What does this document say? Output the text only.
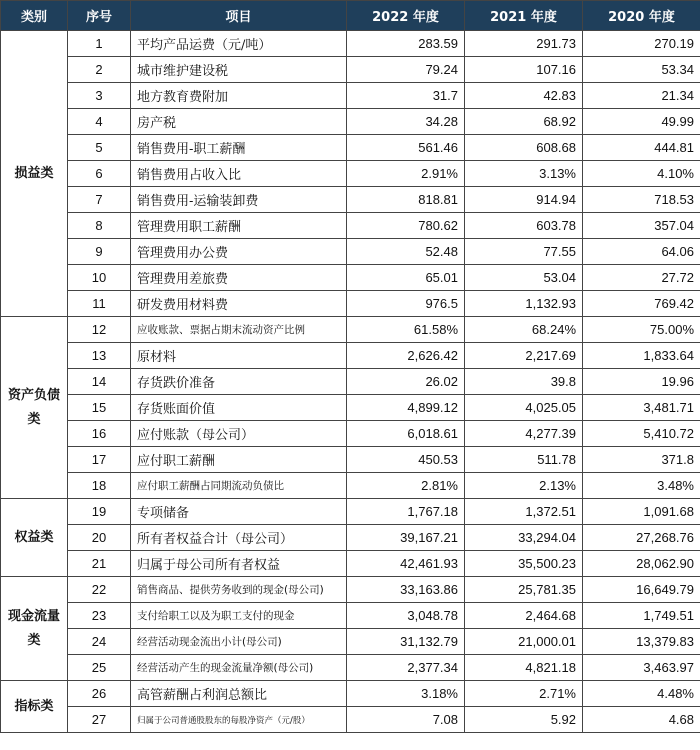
类别	序号	项目	2022 年度	2021 年度	2020 年度
损益类	1	平均产品运费（元/吨）	283.59	291.73	270.19
	2	城市维护建设税	79.24	107.16	53.34
	3	地方教育费附加	31.7	42.83	21.34
	4	房产税	34.28	68.92	49.99
	5	销售费用-职工薪酬	561.46	608.68	444.81
	6	销售费用占收入比	2.91%	3.13%	4.10%
	7	销售费用-运输装卸费	818.81	914.94	718.53
	8	管理费用职工薪酬	780.62	603.78	357.04
	9	管理费用办公费	52.48	77.55	64.06
	10	管理费用差旅费	65.01	53.04	27.72
	11	研发费用材料费	976.5	1,132.93	769.42
资产负债类	12	应收账款、票据占期末流动资产比例	61.58%	68.24%	75.00%
	13	原材料	2,626.42	2,217.69	1,833.64
	14	存货跌价准备	26.02	39.8	19.96
	15	存货账面价值	4,899.12	4,025.05	3,481.71
	16	应付账款（母公司）	6,018.61	4,277.39	5,410.72
	17	应付职工薪酬	450.53	511.78	371.8
	18	应付职工薪酬占同期流动负债比	2.81%	2.13%	3.48%
权益类	19	专项储备	1,767.18	1,372.51	1,091.68
	20	所有者权益合计（母公司）	39,167.21	33,294.04	27,268.76
	21	归属于母公司所有者权益	42,461.93	35,500.23	28,062.90
现金流量类	22	销售商品、提供劳务收到的现金(母公司)	33,163.86	25,781.35	16,649.79
	23	支付给职工以及为职工支付的现金	3,048.78	2,464.68	1,749.51
	24	经营活动现金流出小计(母公司)	31,132.79	21,000.01	13,379.83
	25	经营活动产生的现金流量净额(母公司)	2,377.34	4,821.18	3,463.97
指标类	26	高管薪酬占利润总额比	3.18%	2.71%	4.48%
	27	归属于公司普通股股东的每股净资产（元/股）	7.08	5.92	4.68
